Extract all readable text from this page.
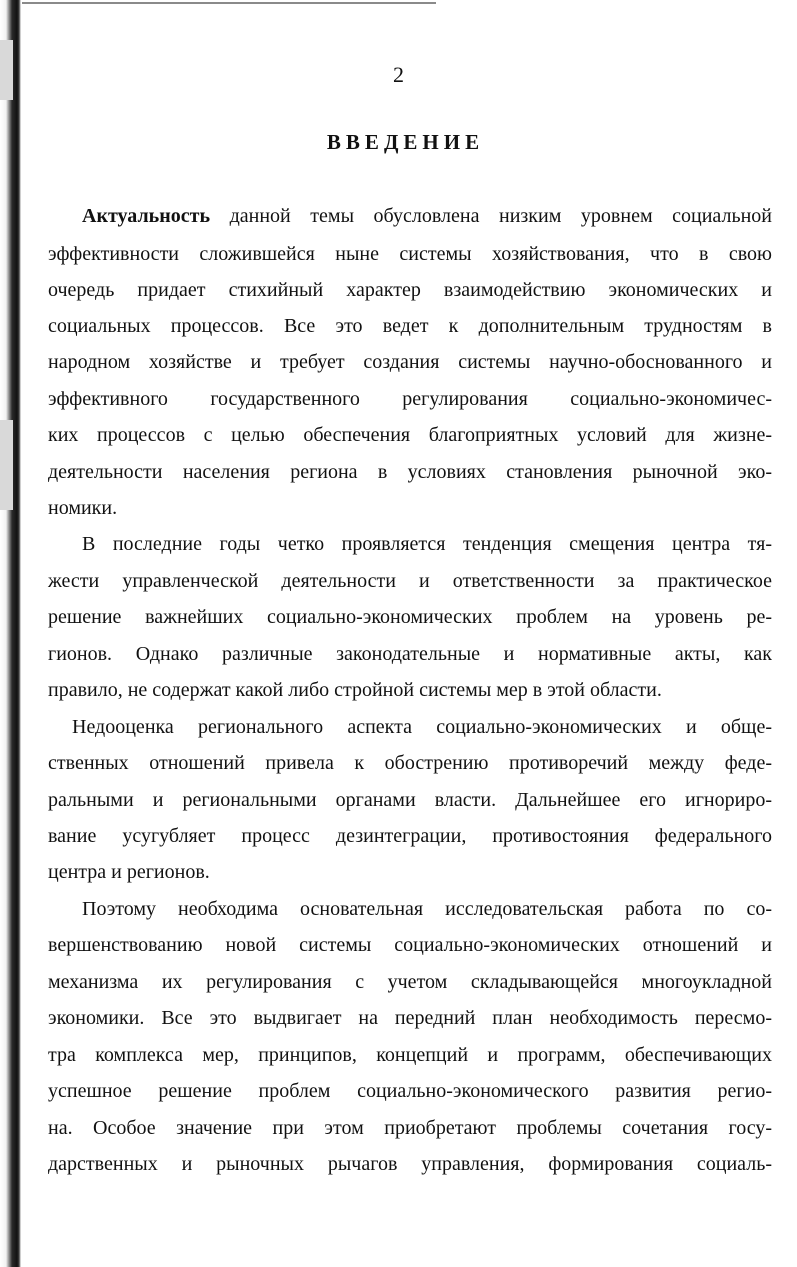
2
ВВЕДЕНИЕ
Актуальность данной темы обусловлена низким уровнем социальной
эффективности сложившейся ныне системы хозяйствования, что в свою
очередь придает стихийный характер взаимодействию экономических и
социальных процессов. Все это ведет к дополнительным трудностям в
народном хозяйстве и требует создания системы научно-обоснованного и
эффективного государственного регулирования социально-экономичес-
ких процессов с целью обеспечения благоприятных условий для жизне-
деятельности населения региона в условиях становления рыночной эко-
номики.
В последние годы четко проявляется тенденция смещения центра тя-
жести управленческой деятельности и ответственности за практическое
решение важнейших социально-экономических проблем на уровень ре-
гионов. Однако различные законодательные и нормативные акты, как
правило, не содержат какой либо стройной системы мер в этой области.
Недооценка регионального аспекта социально-экономических и обще-
ственных отношений привела к обострению противоречий между феде-
ральными и региональными органами власти. Дальнейшее его игнориро-
вание усугубляет процесс дезинтеграции, противостояния федерального
центра и регионов.
Поэтому необходима основательная исследовательская работа по со-
вершенствованию новой системы социально-экономических отношений и
механизма их регулирования с учетом складывающейся многоукладной
экономики. Все это выдвигает на передний план необходимость пересмо-
тра комплекса мер, принципов, концепций и программ, обеспечивающих
успешное решение проблем социально-экономического развития регио-
на. Особое значение при этом приобретают проблемы сочетания госу-
дарственных и рыночных рычагов управления, формирования социаль-
